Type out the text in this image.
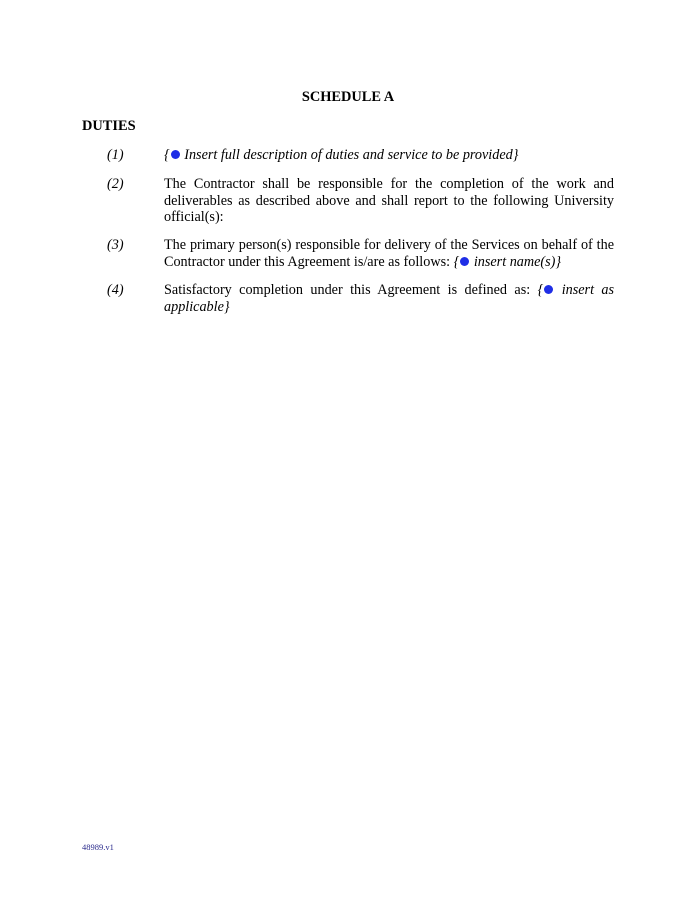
SCHEDULE A
DUTIES
(1)	{ Insert full description of duties and service to be provided}
(2)	The Contractor shall be responsible for the completion of the work and deliverables as described above and shall report to the following University official(s):
(3)	The primary person(s) responsible for delivery of the Services on behalf of the Contractor under this Agreement is/are as follows: { insert name(s)}
(4)	Satisfactory completion under this Agreement is defined as: { insert as applicable}
48989.v1
